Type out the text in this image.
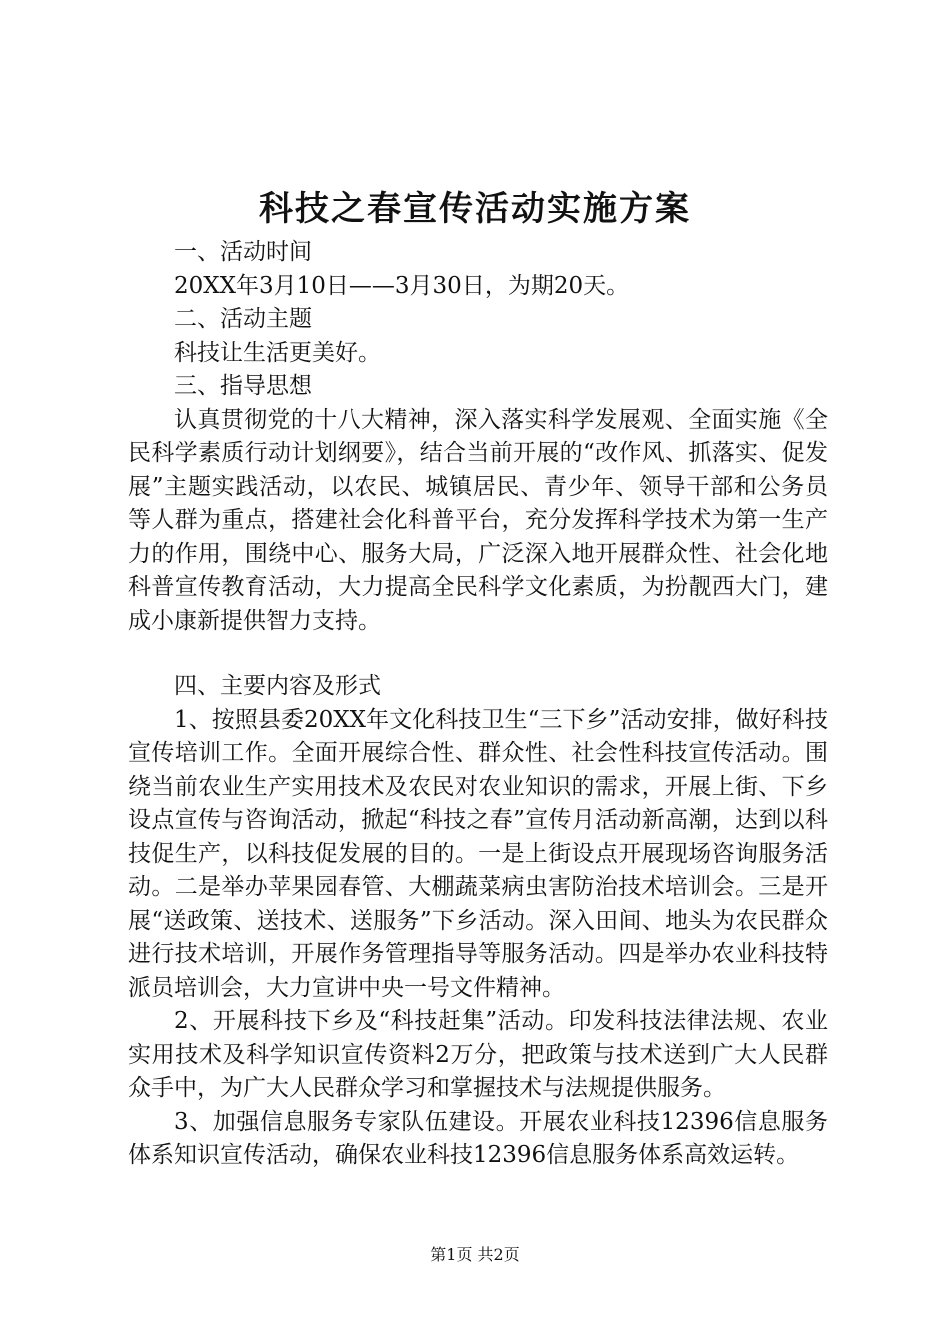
科技之春宣传活动实施方案

一、活动时间

20XX年3月10日——3月30日，为期20天。

二、活动主题

科技让生活更美好。

三、指导思想

认真贯彻党的十八大精神，深入落实科学发展观、全面实施《全民科学素质行动计划纲要》，结合当前开展的“改作风、抓落实、促发展”主题实践活动，以农民、城镇居民、青少年、领导干部和公务员等人群为重点，搭建社会化科普平台，充分发挥科学技术为第一生产力的作用，围绕中心、服务大局，广泛深入地开展群众性、社会化地科普宣传教育活动，大力提高全民科学文化素质，为扮靓西大门，建成小康新提供智力支持。

四、主要内容及形式

1、按照县委20XX年文化科技卫生“三下乡”活动安排，做好科技宣传培训工作。全面开展综合性、群众性、社会性科技宣传活动。围绕当前农业生产实用技术及农民对农业知识的需求，开展上街、下乡设点宣传与咨询活动，掀起“科技之春”宣传月活动新高潮，达到以科技促生产，以科技促发展的目的。一是上街设点开展现场咨询服务活动。二是举办苹果园春管、大棚蔬菜病虫害防治技术培训会。三是开展“送政策、送技术、送服务”下乡活动。深入田间、地头为农民群众进行技术培训，开展作务管理指导等服务活动。四是举办农业科技特派员培训会，大力宣讲中央一号文件精神。

2、开展科技下乡及“科技赶集”活动。印发科技法律法规、农业实用技术及科学知识宣传资料2万分，把政策与技术送到广大人民群众手中，为广大人民群众学习和掌握技术与法规提供服务。

3、加强信息服务专家队伍建设。开展农业科技12396信息服务体系知识宣传活动，确保农业科技12396信息服务体系高效运转。

第1页 共2页
